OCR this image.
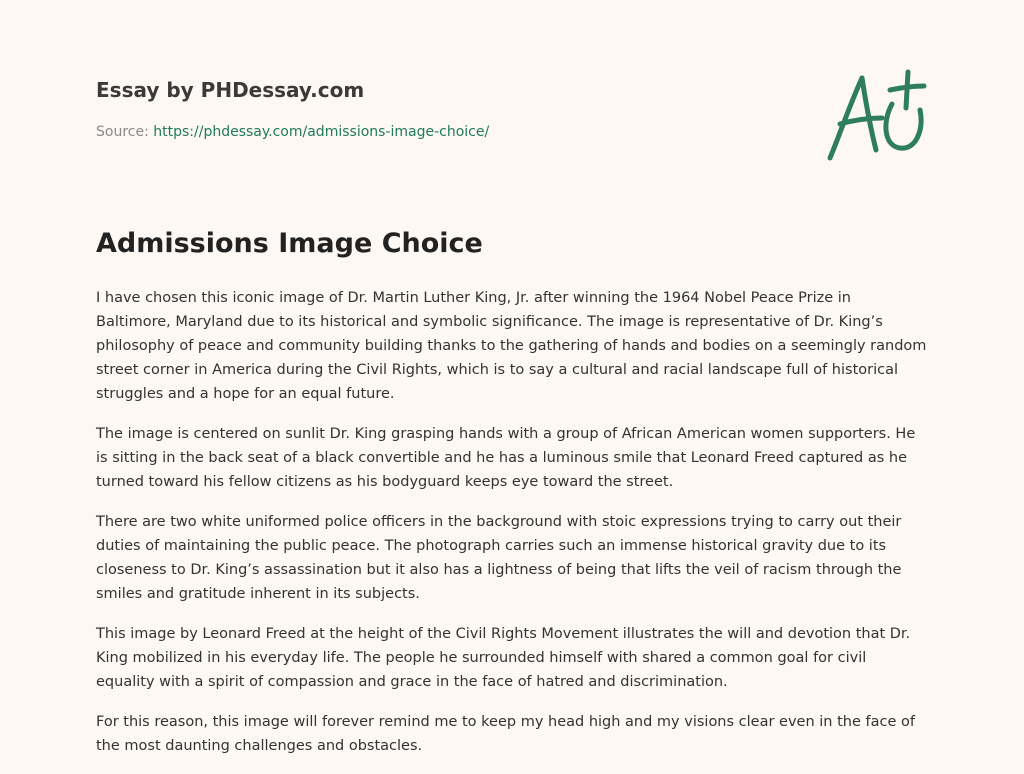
Essay by PHDessay.com
Source: https://phdessay.com/admissions-image-choice/
Admissions Image Choice

I have chosen this iconic image of Dr. Martin Luther King, Jr. after winning the 1964 Nobel Peace Prize in Baltimore, Maryland due to its historical and symbolic significance. The image is representative of Dr. King’s philosophy of peace and community building thanks to the gathering of hands and bodies on a seemingly random street corner in America during the Civil Rights, which is to say a cultural and racial landscape full of historical struggles and a hope for an equal future.

The image is centered on sunlit Dr. King grasping hands with a group of African American women supporters. He is sitting in the back seat of a black convertible and he has a luminous smile that Leonard Freed captured as he turned toward his fellow citizens as his bodyguard keeps eye toward the street.

There are two white uniformed police officers in the background with stoic expressions trying to carry out their duties of maintaining the public peace. The photograph carries such an immense historical gravity due to its closeness to Dr. King’s assassination but it also has a lightness of being that lifts the veil of racism through the smiles and gratitude inherent in its subjects.

This image by Leonard Freed at the height of the Civil Rights Movement illustrates the will and devotion that Dr. King mobilized in his everyday life. The people he surrounded himself with shared a common goal for civil equality with a spirit of compassion and grace in the face of hatred and discrimination.

For this reason, this image will forever remind me to keep my head high and my visions clear even in the face of the most daunting challenges and obstacles.
